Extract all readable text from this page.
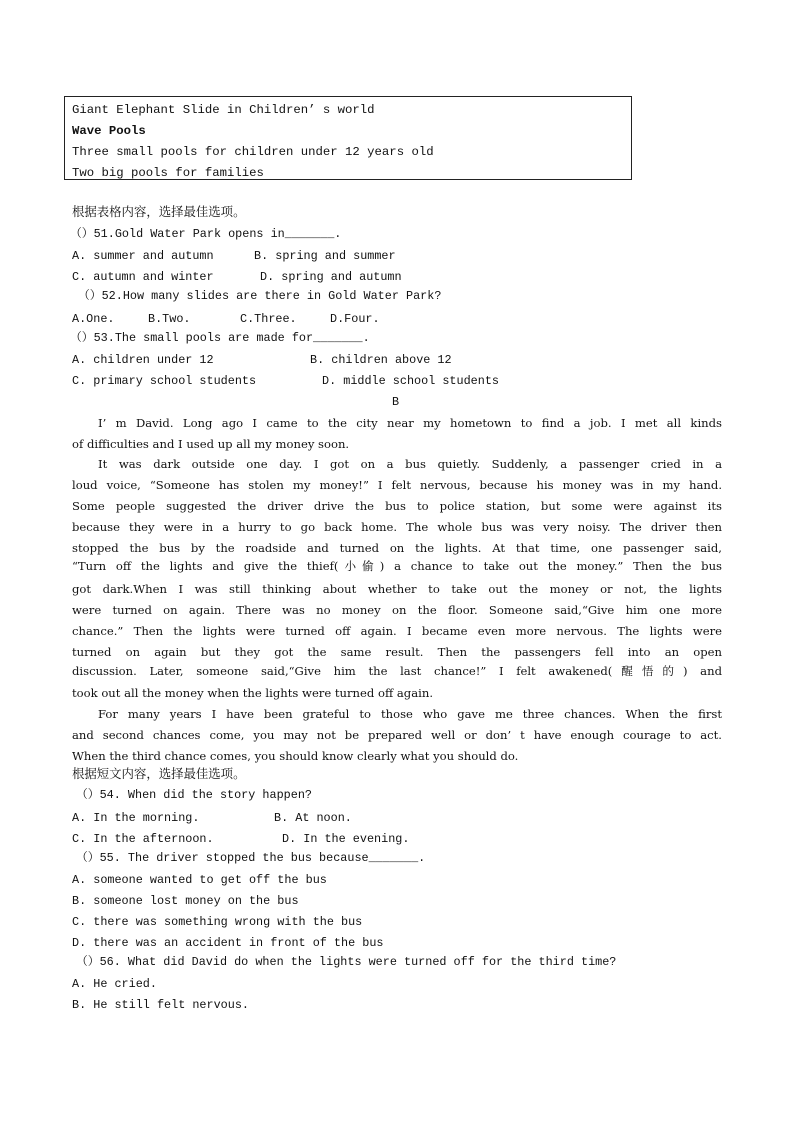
Giant Elephant Slide in Children’ s world
Wave Pools
Three small pools for children under 12 years old
Two big pools for families
根据表格内容，选择最佳选项。
（）51.Gold Water Park opens in_______.
A. summer and autumn	B. spring and summer
C. autumn and winter	D. spring and autumn
（）52.How many slides are there in Gold Water Park?
A.One.	B.Two.	C.Three.	D.Four.
（）53.The small pools are made for_______.
A. children under 12	B. children above 12
C. primary school students	D. middle school students
B
I’ m David. Long ago I came to the city near my hometown to find a job. I met all kinds
of difficulties and I used up all my money soon.
It was dark outside one day. I got on a bus quietly. Suddenly, a passenger cried in a
loud voice, “Someone has stolen my money!” I felt nervous, because his money was in my hand.
Some people suggested the driver drive the bus to police station, but some were against its
because they were in a hurry to go back home. The whole bus was very noisy. The driver then
stopped the bus by the roadside and turned on the lights. At that time, one passenger said,
“Turn off the lights and give the thief(小偷) a chance to take out the money.” Then the bus
got dark.When I was still thinking about whether to take out the money or not, the lights
were turned on again. There was no money on the floor. Someone said,“Give him one more
chance.” Then the lights were turned off again. I became even more nervous. The lights were
turned on again but they got the same result. Then the passengers fell into an open
discussion. Later, someone said,“Give him the last chance!” I felt awakened(醒悟的) and
took out all the money when the lights were turned off again.
For many years I have been grateful to those who gave me three chances. When the first
and second chances come, you may not be prepared well or don’ t have enough courage to act.
When the third chance comes, you should know clearly what you should do.
根据短文内容，选择最佳选项。
（）54. When did the story happen?
A. In the morning.	B. At noon.
C. In the afternoon.	D. In the evening.
（）55. The driver stopped the bus because_______.
A. someone wanted to get off the bus
B. someone lost money on the bus
C. there was something wrong with the bus
D. there was an accident in front of the bus
（）56. What did David do when the lights were turned off for the third time?
A. He cried.
B. He still felt nervous.
